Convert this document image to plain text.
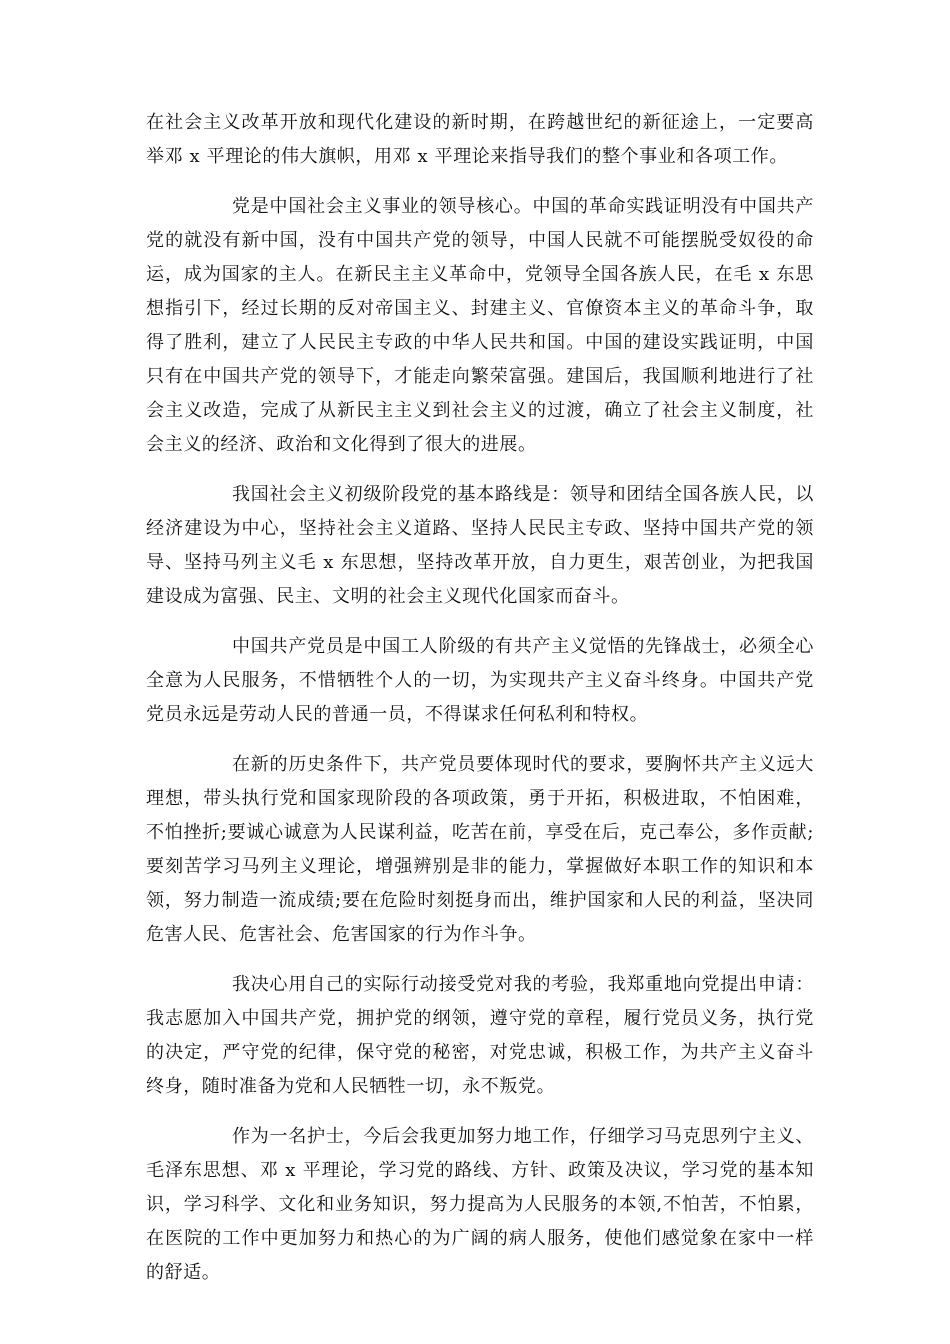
在社会主义改革开放和现代化建设的新时期，在跨越世纪的新征途上，一定要高举邓 x 平理论的伟大旗帜，用邓 x 平理论来指导我们的整个事业和各项工作。

党是中国社会主义事业的领导核心。中国的革命实践证明没有中国共产党的就没有新中国，没有中国共产党的领导，中国人民就不可能摆脱受奴役的命运，成为国家的主人。在新民主主义革命中，党领导全国各族人民，在毛 x 东思想指引下，经过长期的反对帝国主义、封建主义、官僚资本主义的革命斗争，取得了胜利，建立了人民民主专政的中华人民共和国。中国的建设实践证明，中国只有在中国共产党的领导下，才能走向繁荣富强。建国后，我国顺利地进行了社会主义改造，完成了从新民主主义到社会主义的过渡，确立了社会主义制度，社会主义的经济、政治和文化得到了很大的进展。

我国社会主义初级阶段党的基本路线是：领导和团结全国各族人民，以经济建设为中心，坚持社会主义道路、坚持人民民主专政、坚持中国共产党的领导、坚持马列主义毛 x 东思想，坚持改革开放，自力更生，艰苦创业，为把我国建设成为富强、民主、文明的社会主义现代化国家而奋斗。

中国共产党员是中国工人阶级的有共产主义觉悟的先锋战士，必须全心全意为人民服务，不惜牺牲个人的一切，为实现共产主义奋斗终身。中国共产党党员永远是劳动人民的普通一员，不得谋求任何私利和特权。

在新的历史条件下，共产党员要体现时代的要求，要胸怀共产主义远大理想，带头执行党和国家现阶段的各项政策，勇于开拓，积极进取，不怕困难，不怕挫折;要诚心诚意为人民谋利益，吃苦在前，享受在后，克己奉公，多作贡献;要刻苦学习马列主义理论，增强辨别是非的能力，掌握做好本职工作的知识和本领，努力制造一流成绩;要在危险时刻挺身而出，维护国家和人民的利益，坚决同危害人民、危害社会、危害国家的行为作斗争。

我决心用自己的实际行动接受党对我的考验，我郑重地向党提出申请：我志愿加入中国共产党，拥护党的纲领，遵守党的章程，履行党员义务，执行党的决定，严守党的纪律，保守党的秘密，对党忠诚，积极工作，为共产主义奋斗终身，随时准备为党和人民牺牲一切，永不叛党。

作为一名护士，今后会我更加努力地工作，仔细学习马克思列宁主义、毛泽东思想、邓 x 平理论，学习党的路线、方针、政策及决议，学习党的基本知识，学习科学、文化和业务知识，努力提高为人民服务的本领,不怕苦，不怕累，在医院的工作中更加努力和热心的为广阔的病人服务，使他们感觉象在家中一样的舒适。
